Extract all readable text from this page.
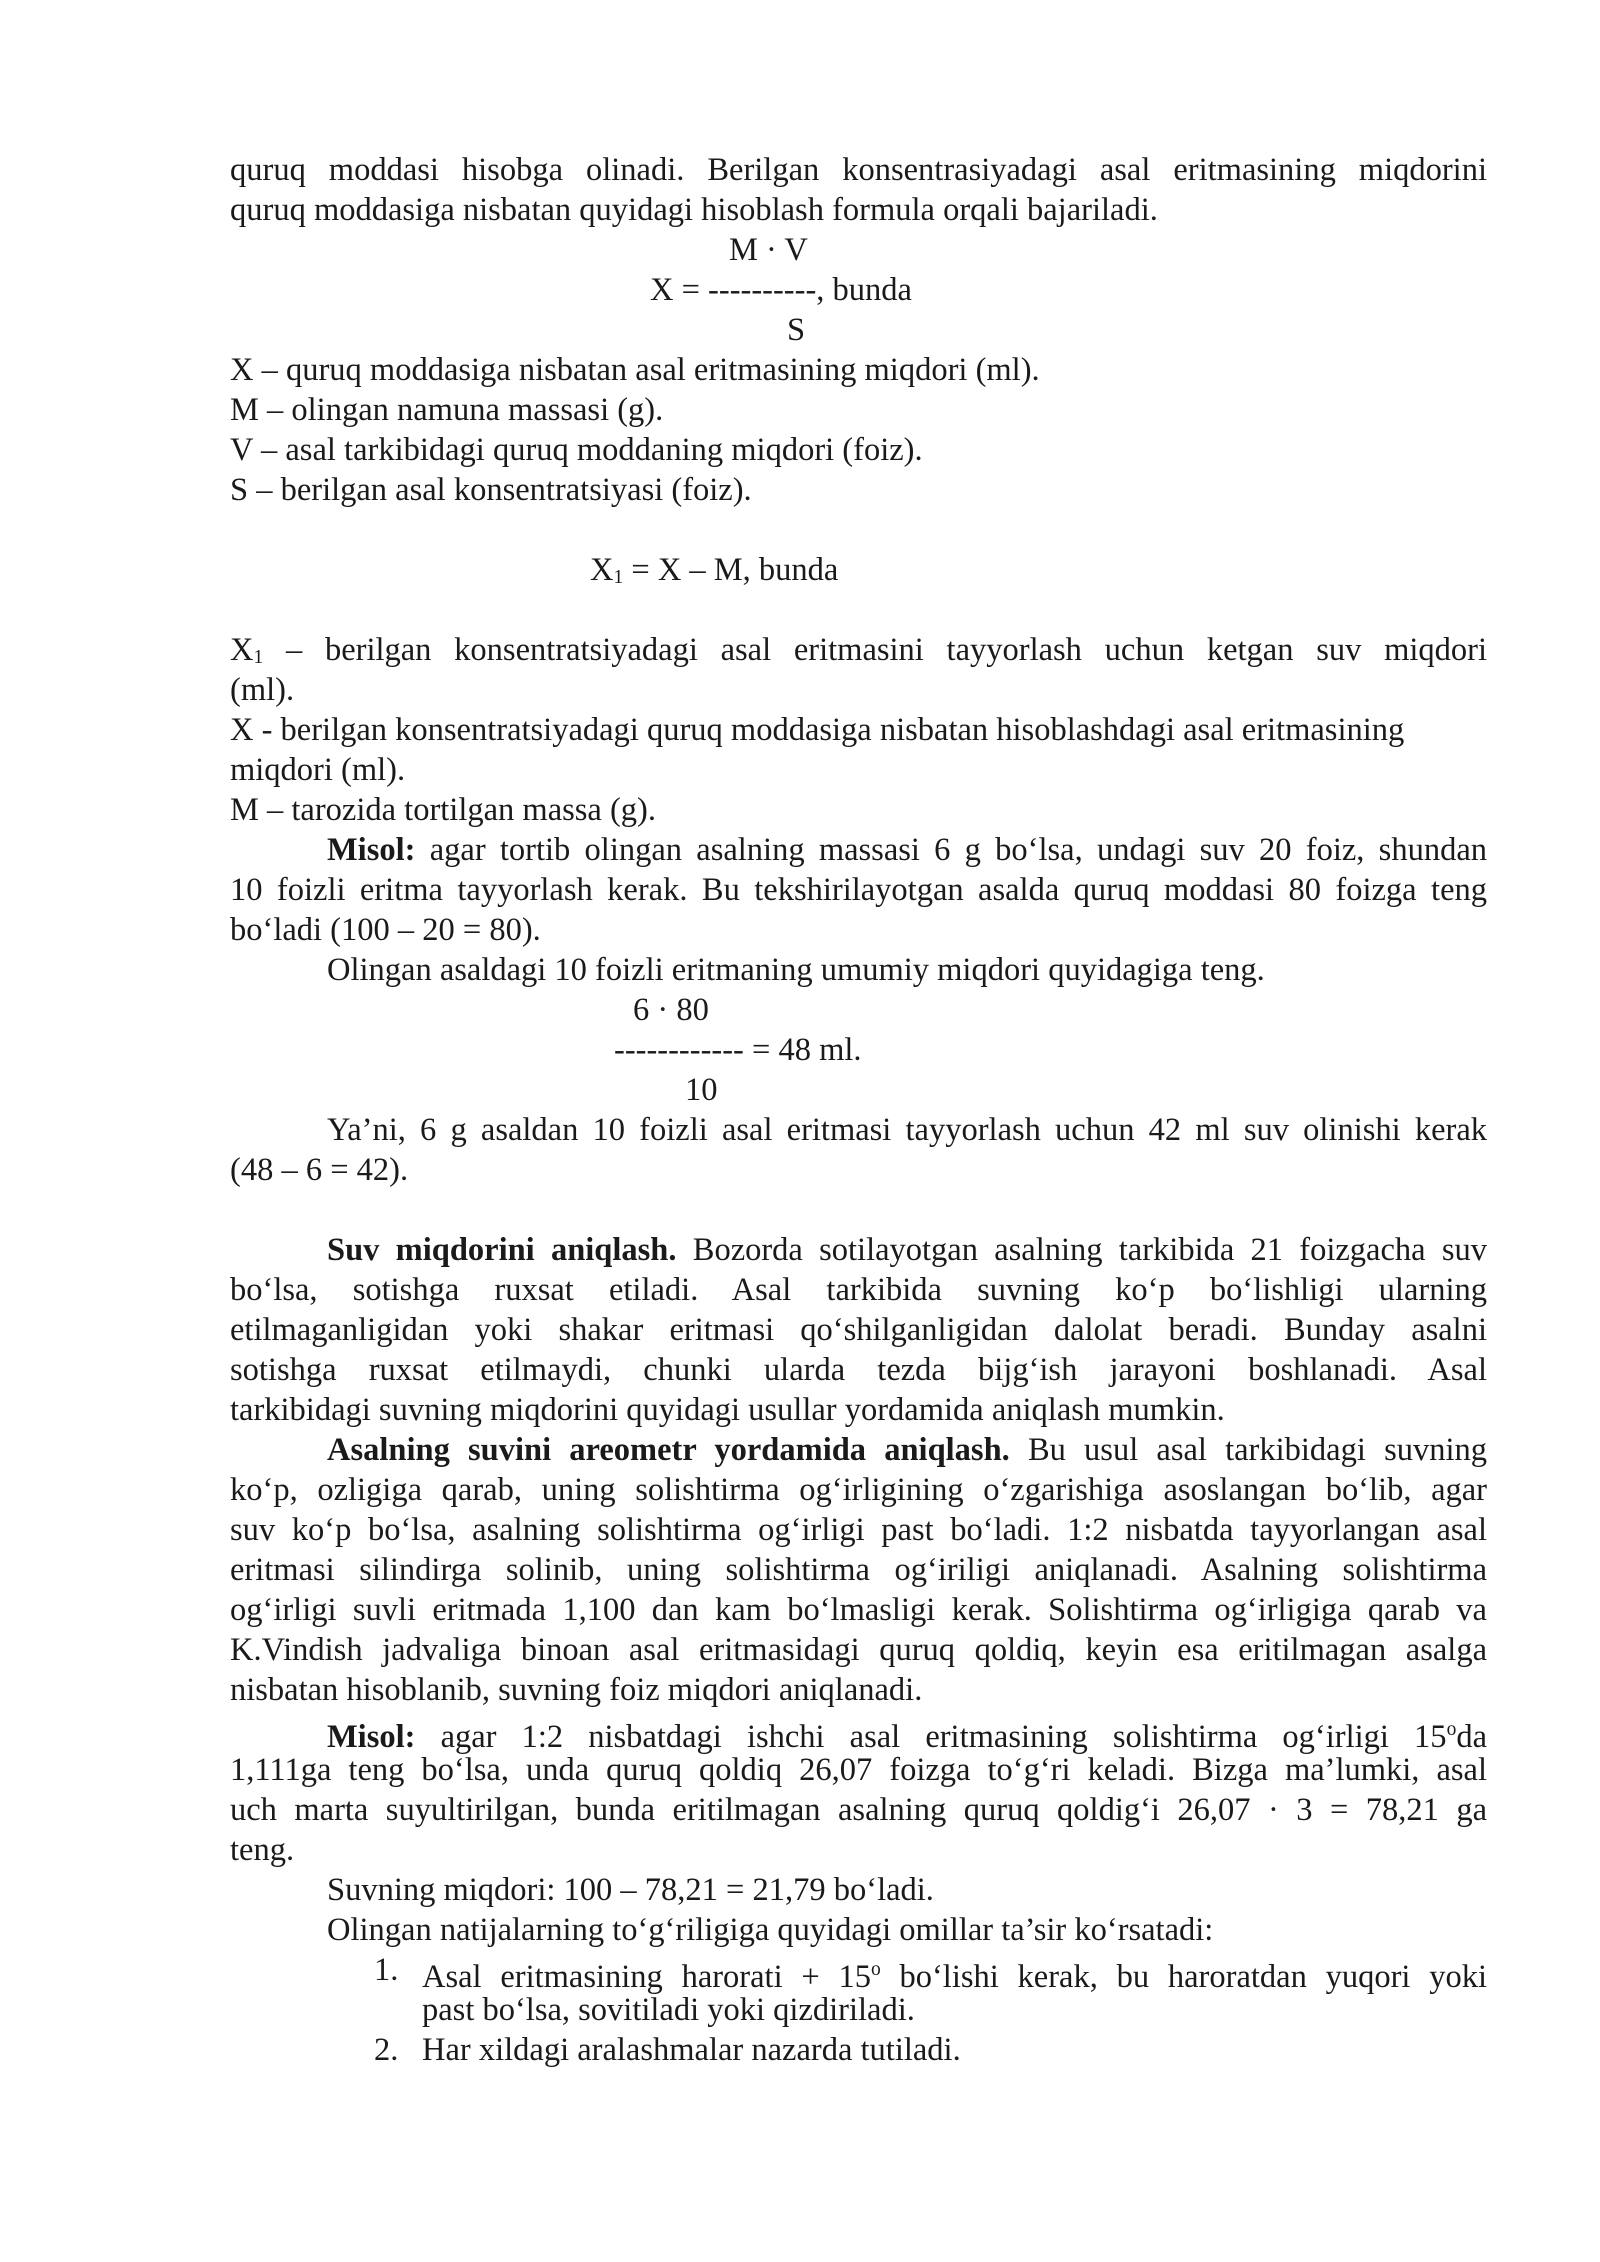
quruq moddasi hisobga olinadi. Berilgan konsentrasiyadagi asal eritmasining miqdorini
quruq moddasiga nisbatan quyidagi hisoblash formula orqali bajariladi.
M · V
X = ----------, bunda
S
X – quruq moddasiga nisbatan asal eritmasining miqdori (ml).
M – olingan namuna massasi (g).
V – asal tarkibidagi quruq moddaning miqdori (foiz).
S – berilgan asal konsentratsiyasi (foiz).
$X_1 = X - M$, bunda
$X_1$ – berilgan konsentratsiyadagi asal eritmasini tayyorlash uchun ketgan suv miqdori
(ml).
X - berilgan konsentratsiyadagi quruq moddasiga nisbatan hisoblashdagi asal eritmasining
miqdori (ml).
M – tarozida tortilgan massa (g).
Misol: agar tortib olingan asalning massasi 6 g bo‘lsa, undagi suv 20 foiz, shundan
10 foizli eritma tayyorlash kerak. Bu tekshirilayotgan asalda quruq moddasi 80 foizga teng
bo‘ladi (100 – 20 = 80).
Olingan asaldagi 10 foizli eritmaning umumiy miqdori quyidagiga teng.
6 · 80
------------ = 48 ml.
10
Ya’ni, 6 g asaldan 10 foizli asal eritmasi tayyorlash uchun 42 ml suv olinishi kerak
(48 – 6 = 42).
Suv miqdorini aniqlash. Bozorda sotilayotgan asalning tarkibida 21 foizgacha suv
bo‘lsa, sotishga ruxsat etiladi. Asal tarkibida suvning ko‘p bo‘lishligi ularning
etilmaganligidan yoki shakar eritmasi qo‘shilganligidan dalolat beradi. Bunday asalni
sotishga ruxsat etilmaydi, chunki ularda tezda bijg‘ish jarayoni boshlanadi. Asal
tarkibidagi suvning miqdorini quyidagi usullar yordamida aniqlash mumkin.
Asalning suvini areometr yordamida aniqlash. Bu usul asal tarkibidagi suvning
ko‘p, ozligiga qarab, uning solishtirma og‘irligining o‘zgarishiga asoslangan bo‘lib, agar
suv ko‘p bo‘lsa, asalning solishtirma og‘irligi past bo‘ladi. 1:2 nisbatda tayyorlangan asal
eritmasi silindirga solinib, uning solishtirma og‘iriligi aniqlanadi. Asalning solishtirma
og‘irligi suvli eritmada 1,100 dan kam bo‘lmasligi kerak. Solishtirma og‘irligiga qarab va
K.Vindish jadvaliga binoan asal eritmasidagi quruq qoldiq, keyin esa eritilmagan asalga
nisbatan hisoblanib, suvning foiz miqdori aniqlanadi.
Misol: agar 1:2 nisbatdagi ishchi asal eritmasining solishtirma og‘irligi 15$^o$da
1,111ga teng bo‘lsa, unda quruq qoldiq 26,07 foizga to‘g‘ri keladi. Bizga ma’lumki, asal
uch marta suyultirilgan, bunda eritilmagan asalning quruq qoldig‘i 26,07 · 3 = 78,21 ga
teng.
Suvning miqdori: 100 – 78,21 = 21,79 bo‘ladi.
Olingan natijalarning to‘g‘riligiga quyidagi omillar ta’sir ko‘rsatadi:
1. Asal eritmasining harorati + $15^o$ bo‘lishi kerak, bu haroratdan yuqori yoki
past bo‘lsa, sovitiladi yoki qizdiriladi.
2. Har xildagi aralashmalar nazarda tutiladi.
